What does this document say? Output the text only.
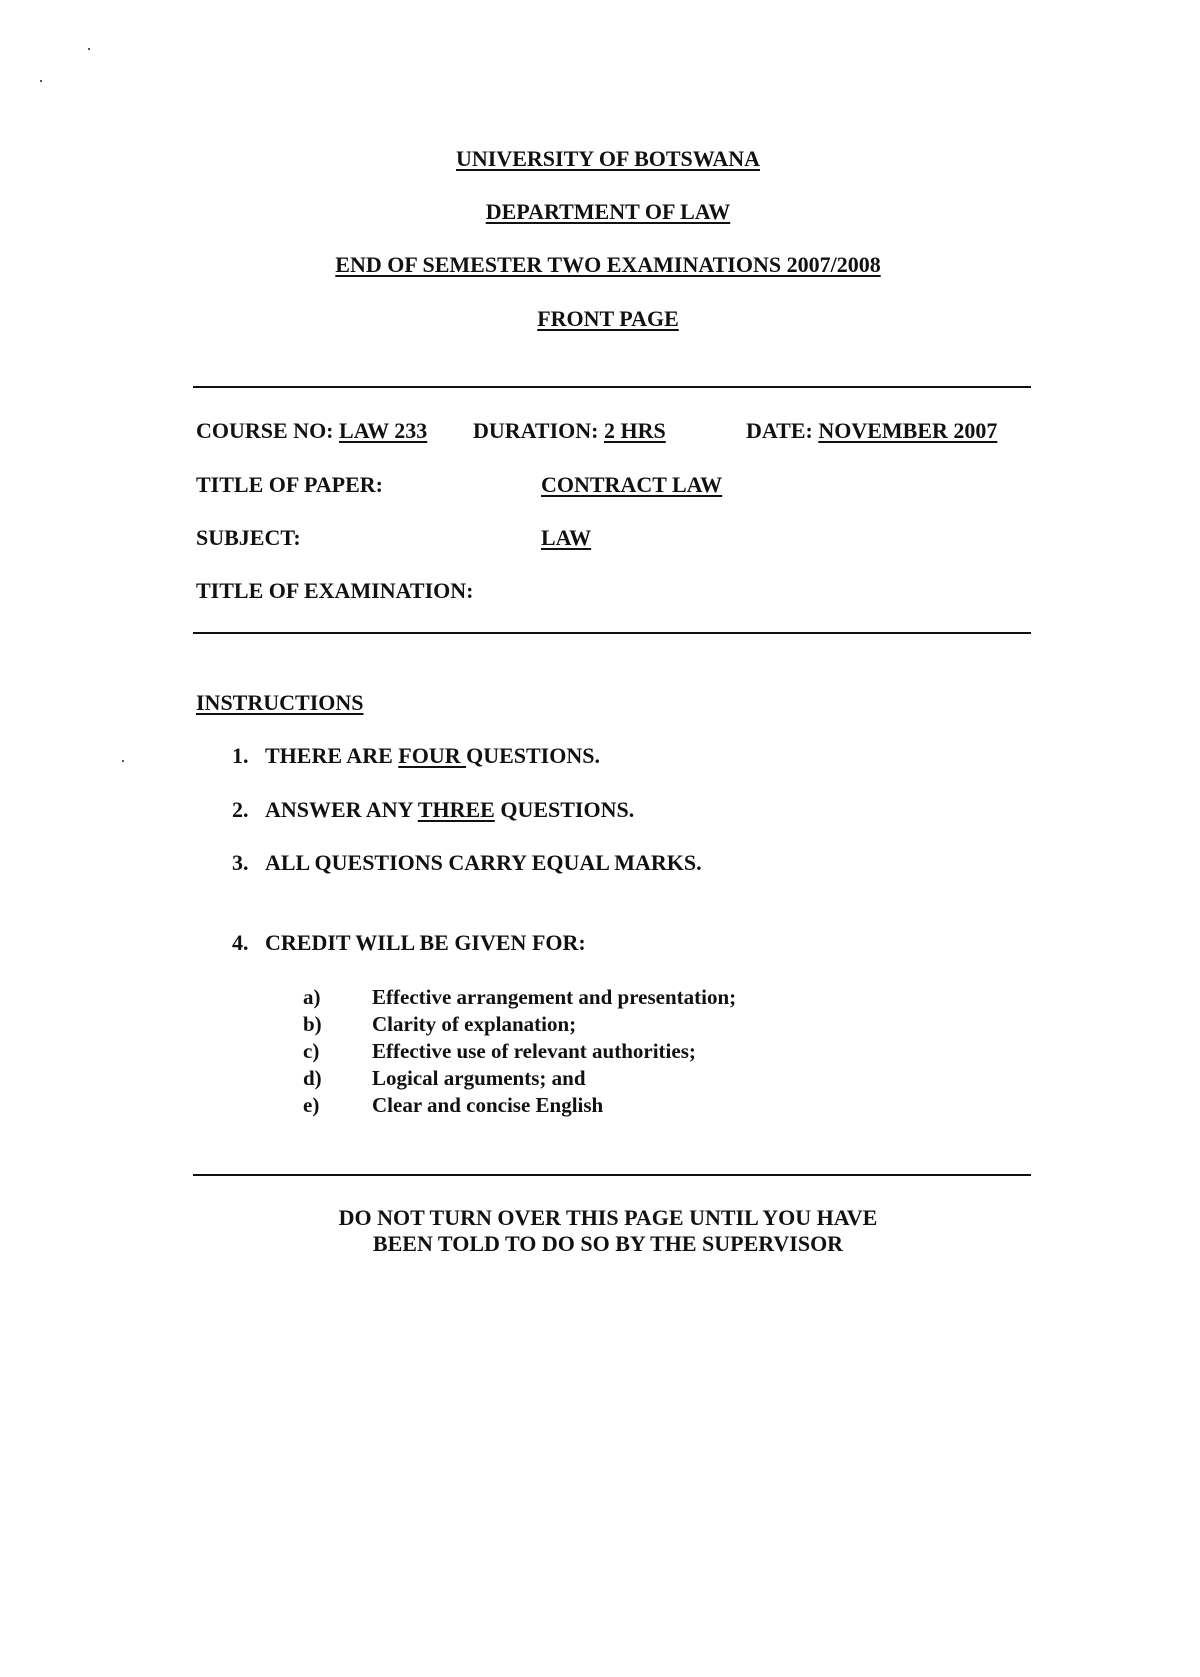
UNIVERSITY OF BOTSWANA
DEPARTMENT OF LAW
END OF SEMESTER TWO EXAMINATIONS 2007/2008
FRONT PAGE
COURSE NO: LAW 233 DURATION: 2 HRS	DATE: NOVEMBER 2007
TITLE OF PAPER:	CONTRACT LAW
SUBJECT:	LAW
TITLE OF EXAMINATION:
INSTRUCTIONS
1. THERE ARE FOUR QUESTIONS.
2. ANSWER ANY THREE QUESTIONS.
3. ALL QUESTIONS CARRY EQUAL MARKS.
4. CREDIT WILL BE GIVEN FOR:
a) Effective arrangement and presentation;
b) Clarity of explanation;
c)	Effective use of relevant authorities;
d) Logical arguments; and
e)	Clear and concise English
DO NOT TURN OVER THIS PAGE UNTIL YOU HAVE
BEEN TOLD TO DO SO BY THE SUPERVISOR
